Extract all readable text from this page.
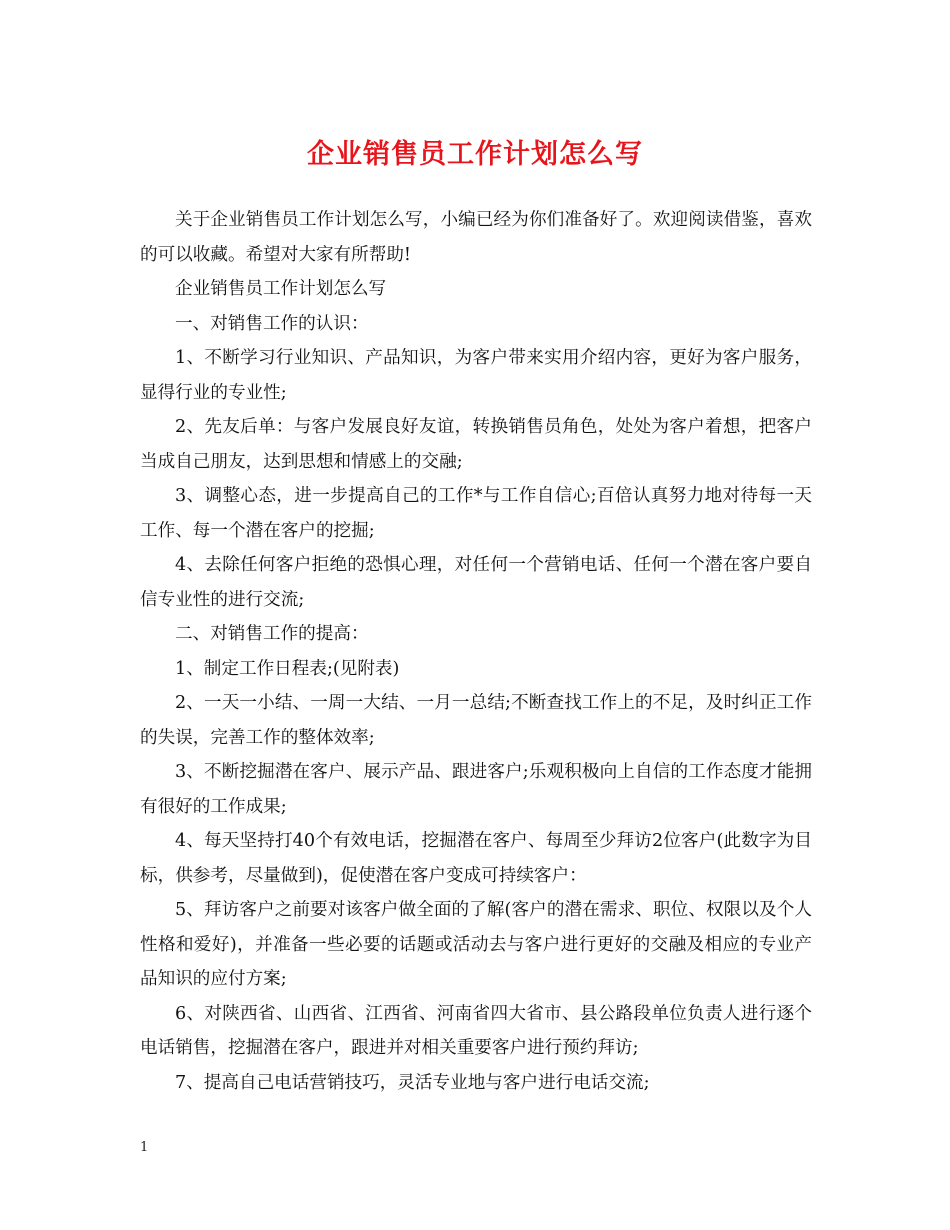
企业销售员工作计划怎么写

关于企业销售员工作计划怎么写，小编已经为你们准备好了。欢迎阅读借鉴，喜欢的可以收藏。希望对大家有所帮助!

企业销售员工作计划怎么写

一、对销售工作的认识：

1、不断学习行业知识、产品知识，为客户带来实用介绍内容，更好为客户服务，显得行业的专业性;

2、先友后单：与客户发展良好友谊，转换销售员角色，处处为客户着想，把客户当成自己朋友，达到思想和情感上的交融;

3、调整心态，进一步提高自己的工作*与工作自信心;百倍认真努力地对待每一天工作、每一个潜在客户的挖掘;

4、去除任何客户拒绝的恐惧心理，对任何一个营销电话、任何一个潜在客户要自信专业性的进行交流;

二、对销售工作的提高：

1、制定工作日程表;(见附表)

2、一天一小结、一周一大结、一月一总结;不断查找工作上的不足，及时纠正工作的失误，完善工作的整体效率;

3、不断挖掘潜在客户、展示产品、跟进客户;乐观积极向上自信的工作态度才能拥有很好的工作成果;

4、每天坚持打40个有效电话，挖掘潜在客户、每周至少拜访2位客户(此数字为目标，供参考，尽量做到)，促使潜在客户变成可持续客户：

5、拜访客户之前要对该客户做全面的了解(客户的潜在需求、职位、权限以及个人性格和爱好)，并准备一些必要的话题或活动去与客户进行更好的交融及相应的专业产品知识的应付方案;

6、对陕西省、山西省、江西省、河南省四大省市、县公路段单位负责人进行逐个电话销售，挖掘潜在客户，跟进并对相关重要客户进行预约拜访;

7、提高自己电话营销技巧，灵活专业地与客户进行电话交流;

1
